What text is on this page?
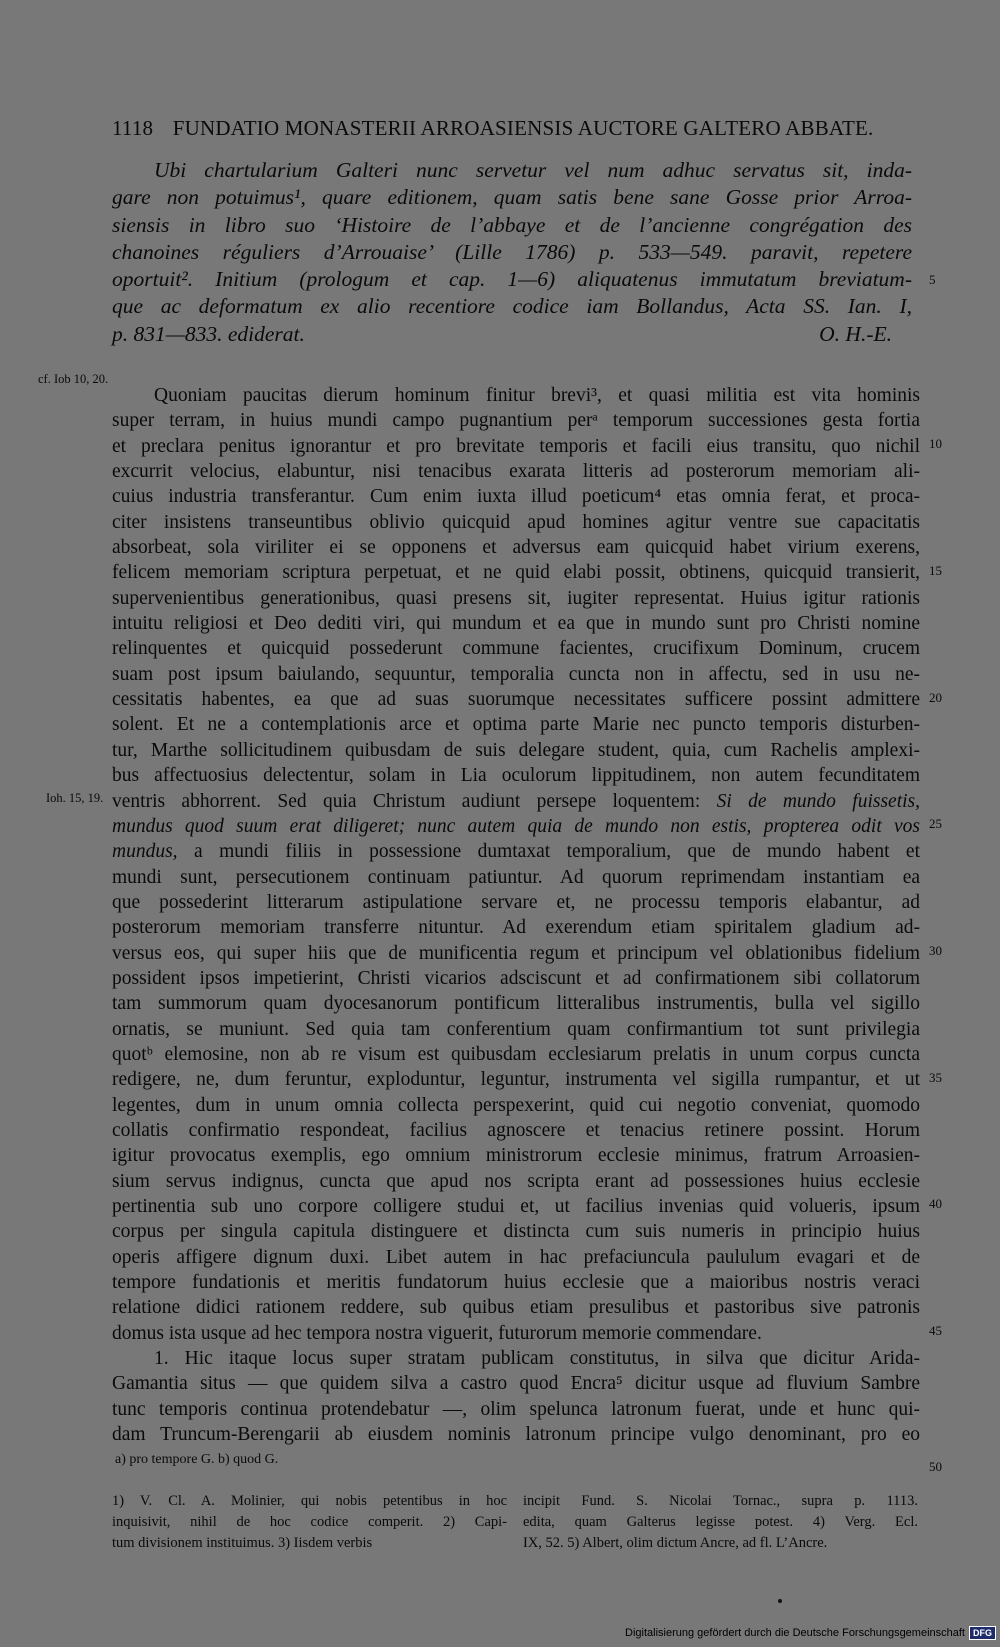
1118 FUNDATIO MONASTERII ARROASIENSIS AUCTORE GALTERO ABBATE.
Ubi chartularium Galteri nunc servetur vel num adhuc servatus sit, inda-
gare non potuimus¹, quare editionem, quam satis bene sane Gosse prior Arroa-
siensis in libro suo ‘Histoire de l’abbaye et de l’ancienne congrégation des
chanoines réguliers d’Arrouaise’ (Lille 1786) p. 533—549. paravit, repetere
oportuit². Initium (prologum et cap. 1—6) aliquatenus immutatum breviatum-
que ac deformatum ex alio recentiore codice iam Bollandus, Acta SS. Ian. I,
p. 831—833. ediderat.	O. H.-E.
cf. Iob 10, 20.
Ioh. 15, 19.
5
10
15
20
25
30
35
40
45
50
Quoniam paucitas dierum hominum finitur brevi³, et quasi militia est vita hominis
super terram, in huius mundi campo pugnantium perᵃ temporum successiones gesta fortia
et preclara penitus ignorantur et pro brevitate temporis et facili eius transitu, quo nichil
excurrit velocius, elabuntur, nisi tenacibus exarata litteris ad posterorum memoriam ali-
cuius industria transferantur. Cum enim iuxta illud poeticum⁴ etas omnia ferat, et proca-
citer insistens transeuntibus oblivio quicquid apud homines agitur ventre sue capacitatis
absorbeat, sola viriliter ei se opponens et adversus eam quicquid habet virium exerens,
felicem memoriam scriptura perpetuat, et ne quid elabi possit, obtinens, quicquid transierit,
supervenientibus generationibus, quasi presens sit, iugiter representat. Huius igitur rationis
intuitu religiosi et Deo dediti viri, qui mundum et ea que in mundo sunt pro Christi nomine
relinquentes et quicquid possederunt commune facientes, crucifixum Dominum, crucem
suam post ipsum baiulando, sequuntur, temporalia cuncta non in affectu, sed in usu ne-
cessitatis habentes, ea que ad suas suorumque necessitates sufficere possint admittere
solent. Et ne a contemplationis arce et optima parte Marie nec puncto temporis disturben-
tur, Marthe sollicitudinem quibusdam de suis delegare student, quia, cum Rachelis amplexi-
bus affectuosius delectentur, solam in Lia oculorum lippitudinem, non autem fecunditatem
ventris abhorrent. Sed quia Christum audiunt persepe loquentem: Si de mundo fuissetis,
mundus quod suum erat diligeret; nunc autem quia de mundo non estis, propterea odit vos
mundus, a mundi filiis in possessione dumtaxat temporalium, que de mundo habent et
mundi sunt, persecutionem continuam patiuntur. Ad quorum reprimendam instantiam ea
que possederint litterarum astipulatione servare et, ne processu temporis elabantur, ad
posterorum memoriam transferre nituntur. Ad exerendum etiam spiritalem gladium ad-
versus eos, qui super hiis que de munificentia regum et principum vel oblationibus fidelium
possident ipsos impetierint, Christi vicarios adsciscunt et ad confirmationem sibi collatorum
tam summorum quam dyocesanorum pontificum litteralibus instrumentis, bulla vel sigillo
ornatis, se muniunt. Sed quia tam conferentium quam confirmantium tot sunt privilegia
quotᵇ elemosine, non ab re visum est quibusdam ecclesiarum prelatis in unum corpus cuncta
redigere, ne, dum feruntur, exploduntur, leguntur, instrumenta vel sigilla rumpantur, et ut
legentes, dum in unum omnia collecta perspexerint, quid cui negotio conveniat, quomodo
collatis confirmatio respondeat, facilius agnoscere et tenacius retinere possint. Horum
igitur provocatus exemplis, ego omnium ministrorum ecclesie minimus, fratrum Arroasien-
sium servus indignus, cuncta que apud nos scripta erant ad possessiones huius ecclesie
pertinentia sub uno corpore colligere studui et, ut facilius invenias quid volueris, ipsum
corpus per singula capitula distinguere et distincta cum suis numeris in principio huius
operis affigere dignum duxi. Libet autem in hac prefaciuncula paululum evagari et de
tempore fundationis et meritis fundatorum huius ecclesie que a maioribus nostris veraci
relatione didici rationem reddere, sub quibus etiam presulibus et pastoribus sive patronis
domus ista usque ad hec tempora nostra viguerit, futurorum memorie commendare.
1. Hic itaque locus super stratam publicam constitutus, in silva que dicitur Arida-
Gamantia situs — que quidem silva a castro quod Encra⁵ dicitur usque ad fluvium Sambre
tunc temporis continua protendebatur —, olim spelunca latronum fuerat, unde et hunc qui-
dam Truncum-Berengarii ab eiusdem nominis latronum principe vulgo denominant, pro eo
a) pro tempore G. b) quod G.
1) V. Cl. A. Molinier, qui nobis petentibus in hoc
inquisivit, nihil de hoc codice comperit. 2) Capi-
tum divisionem instituimus. 3) Iisdem verbis
incipit Fund. S. Nicolai Tornac., supra p. 1113.
edita, quam Galterus legisse potest. 4) Verg. Ecl.
IX, 52. 5) Albert, olim dictum Ancre, ad fl. L’Ancre.
Digitalisierung gefördert durch die Deutsche Forschungsgemeinschaft DFG
